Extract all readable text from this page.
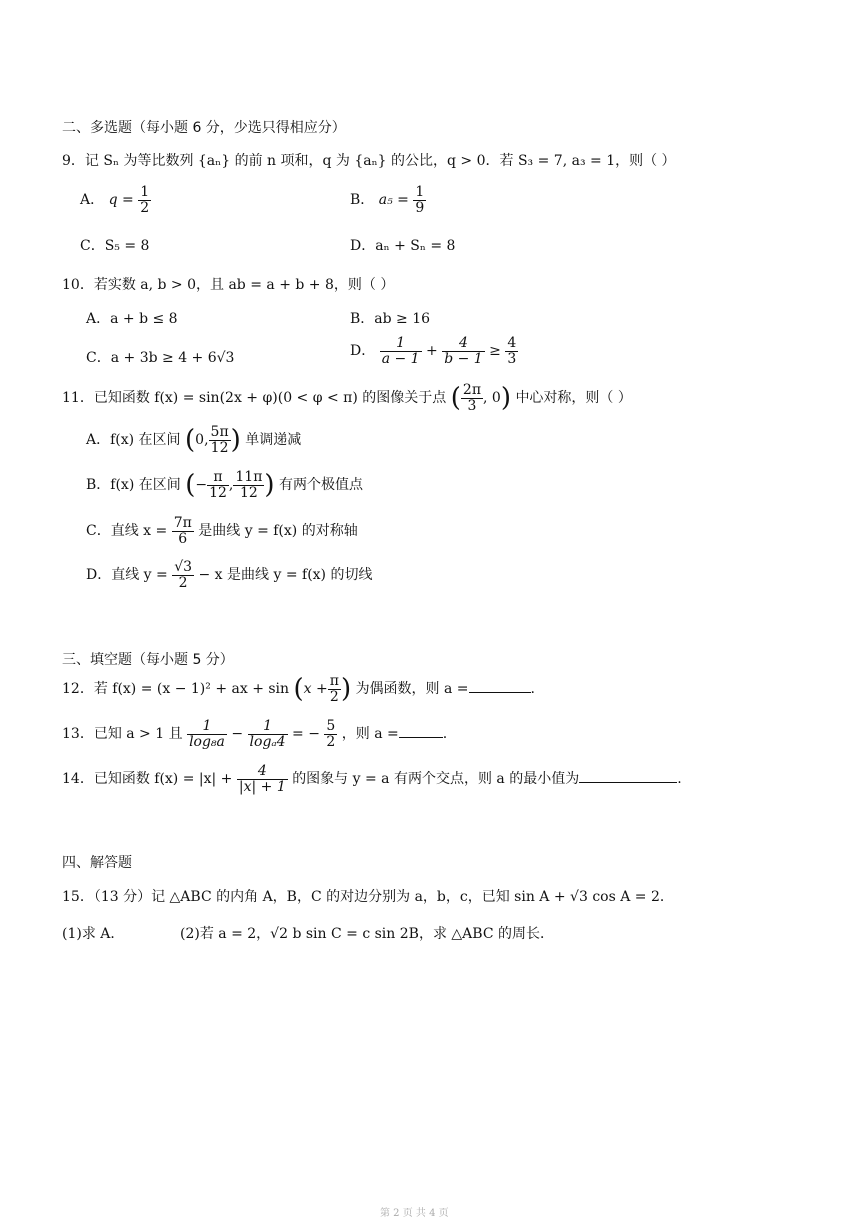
二、多选题（每小题 6 分，少选只得相应分）
9．记 Sₙ 为等比数列 {aₙ} 的前 n 项和，q 为 {aₙ} 的公比，q > 0．若 S₃ = 7, a₃ = 1，则（ ）
A． $q = \frac{1}{2}$	B． $a_5 = \frac{1}{9}$
C．S₅ = 8	D．aₙ + Sₙ = 8
10．若实数 a, b > 0，且 ab = a + b + 8，则（ ）
A．a + b ≤ 8	B．ab ≥ 16
C．a + 3b ≥ 4 + 6√3	D． $\frac{1}{a - 1} + \frac{4}{b - 1} \ge \frac{4}{3}$
11．已知函数 f(x) = sin(2x + φ)(0 < φ < π) 的图像关于点 ( $\frac{2\pi}{3}$ , 0) 中心对称，则（ ）
A．f(x) 在区间 (0, $\frac{5\pi}{12}$ ) 单调递减
B．f(x) 在区间 (− $\frac{\pi}{12}$ , $\frac{11\pi}{12}$ ) 有两个极值点
C．直线 $x = \frac{7\pi}{6}$ 是曲线 y = f(x) 的对称轴
D．直线 $y = \frac{√3}{2} - x$ 是曲线 y = f(x) 的切线
三、填空题（每小题 5 分）
12．若 f(x) = (x − 1)² + ax + $\sin (x + \frac{\pi}{2}$ ) 为偶函数，则 a =	.
13．已知 a > 1 且 $\frac{1}{\text{log₈a}} - \frac{1}{\text{logₐ4}}$ = − $\frac{5}{2}$ ，则 a =	.
14．已知函数 $f(x) = |x| + \frac{4}{|x| + 1}$ 的图象与 y = a 有两个交点，则 a 的最小值为	.
四、解答题
15．（13 分）记 △ABC 的内角 A，B，C 的对边分别为 a，b，c，已知 sin A + √3 cos A = 2．
(1)求 A．	(2)若 a = 2，√2 b sin C = c sin 2B，求 △ABC 的周长．
第 2 页 共 4 页
